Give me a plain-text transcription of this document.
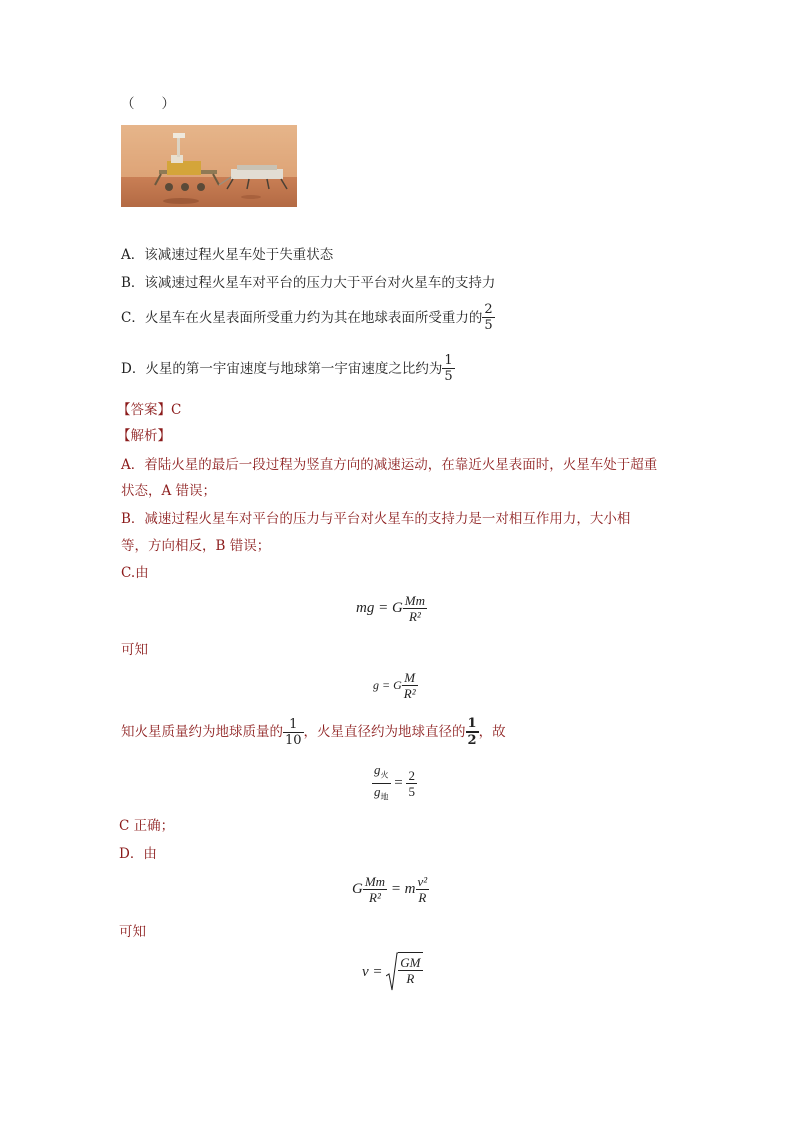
（　　）
A．该减速过程火星车处于失重状态
B．该减速过程火星车对平台的压力大于平台对火星车的支持力
C．火星车在火星表面所受重力约为其在地球表面所受重力的 $\frac{2}{5}$
D．火星的第一宇宙速度与地球第一宇宙速度之比约为 $\frac{1}{5}$
【答案】C
【解析】
A．着陆火星的最后一段过程为竖直方向的减速运动，在靠近火星表面时，火星车处于超重
状态，A 错误；
B．减速过程火星车对平台的压力与平台对火星车的支持力是一对相互作用力，大小相
等，方向相反，B 错误；
C.由
mg = G $\frac{Mm}{\text{R²}}$
可知
g = G $\frac{M}{\text{R²}}$
知火星质量约为地球质量的 $\frac{1}{10}$ ，火星直径约为地球直径的 $\frac{1}{2}$ ，故
$\frac{g_火}{g_地} = \frac{2}{5}$
C 正确；
D．由
G $\frac{Mm}{\text{R²}} = m \frac{\text{v²}}{R}$
可知
$v = \frac{GM}{R}$
